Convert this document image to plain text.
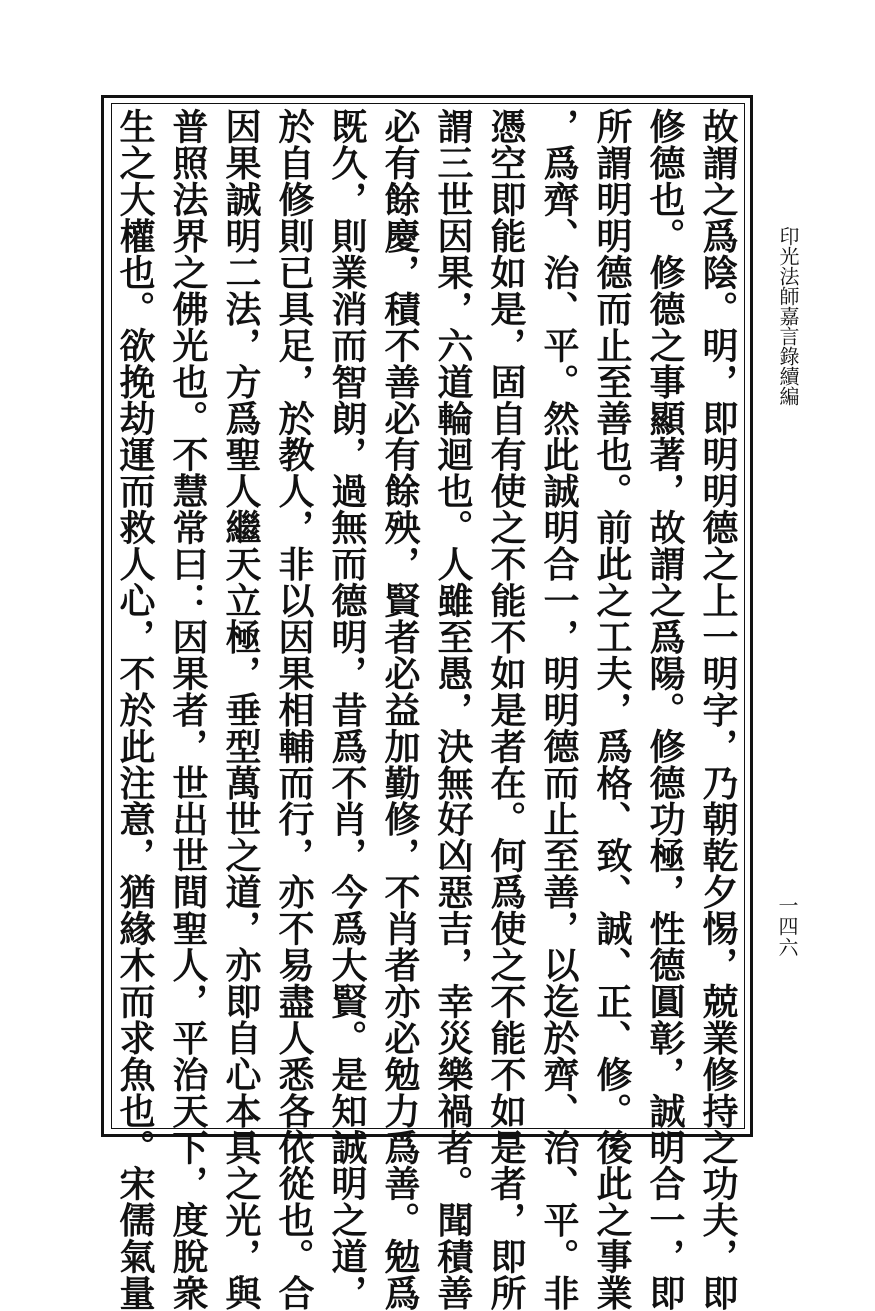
故謂之爲陰。明，即明明德之上一明字，乃朝乾夕惕，兢業修持之功夫，即
修德也。修德之事顯著，故謂之爲陽。修德功極，性德圓彰，誠明合一，即
所謂明明德而止至善也。前此之工夫，爲格、致、誠、正、修。後此之事業
，爲齊、治、平。然此誠明合一，明明德而止至善，以迄於齊、治、平。非
憑空即能如是，固自有使之不能不如是者在。何爲使之不能不如是者，即所
謂三世因果，六道輪迴也。人雖至愚，決無好凶惡吉，幸災樂禍者。聞積善
必有餘慶，積不善必有餘殃，賢者必益加勤修，不肖者亦必勉力爲善。勉爲
既久，則業消而智朗，過無而德明，昔爲不肖，今爲大賢。是知誠明之道，
於自修則已具足，於教人，非以因果相輔而行，亦不易盡人悉各依從也。合
因果誠明二法，方爲聖人繼天立極，垂型萬世之道，亦即自心本具之光，與
普照法界之佛光也。不慧常曰：因果者，世出世間聖人，平治天下，度脫衆
生之大權也。欲挽劫運而救人心，不於此注意，猶緣木而求魚也。宋儒氣量	印光法師嘉言錄續編
一四六
